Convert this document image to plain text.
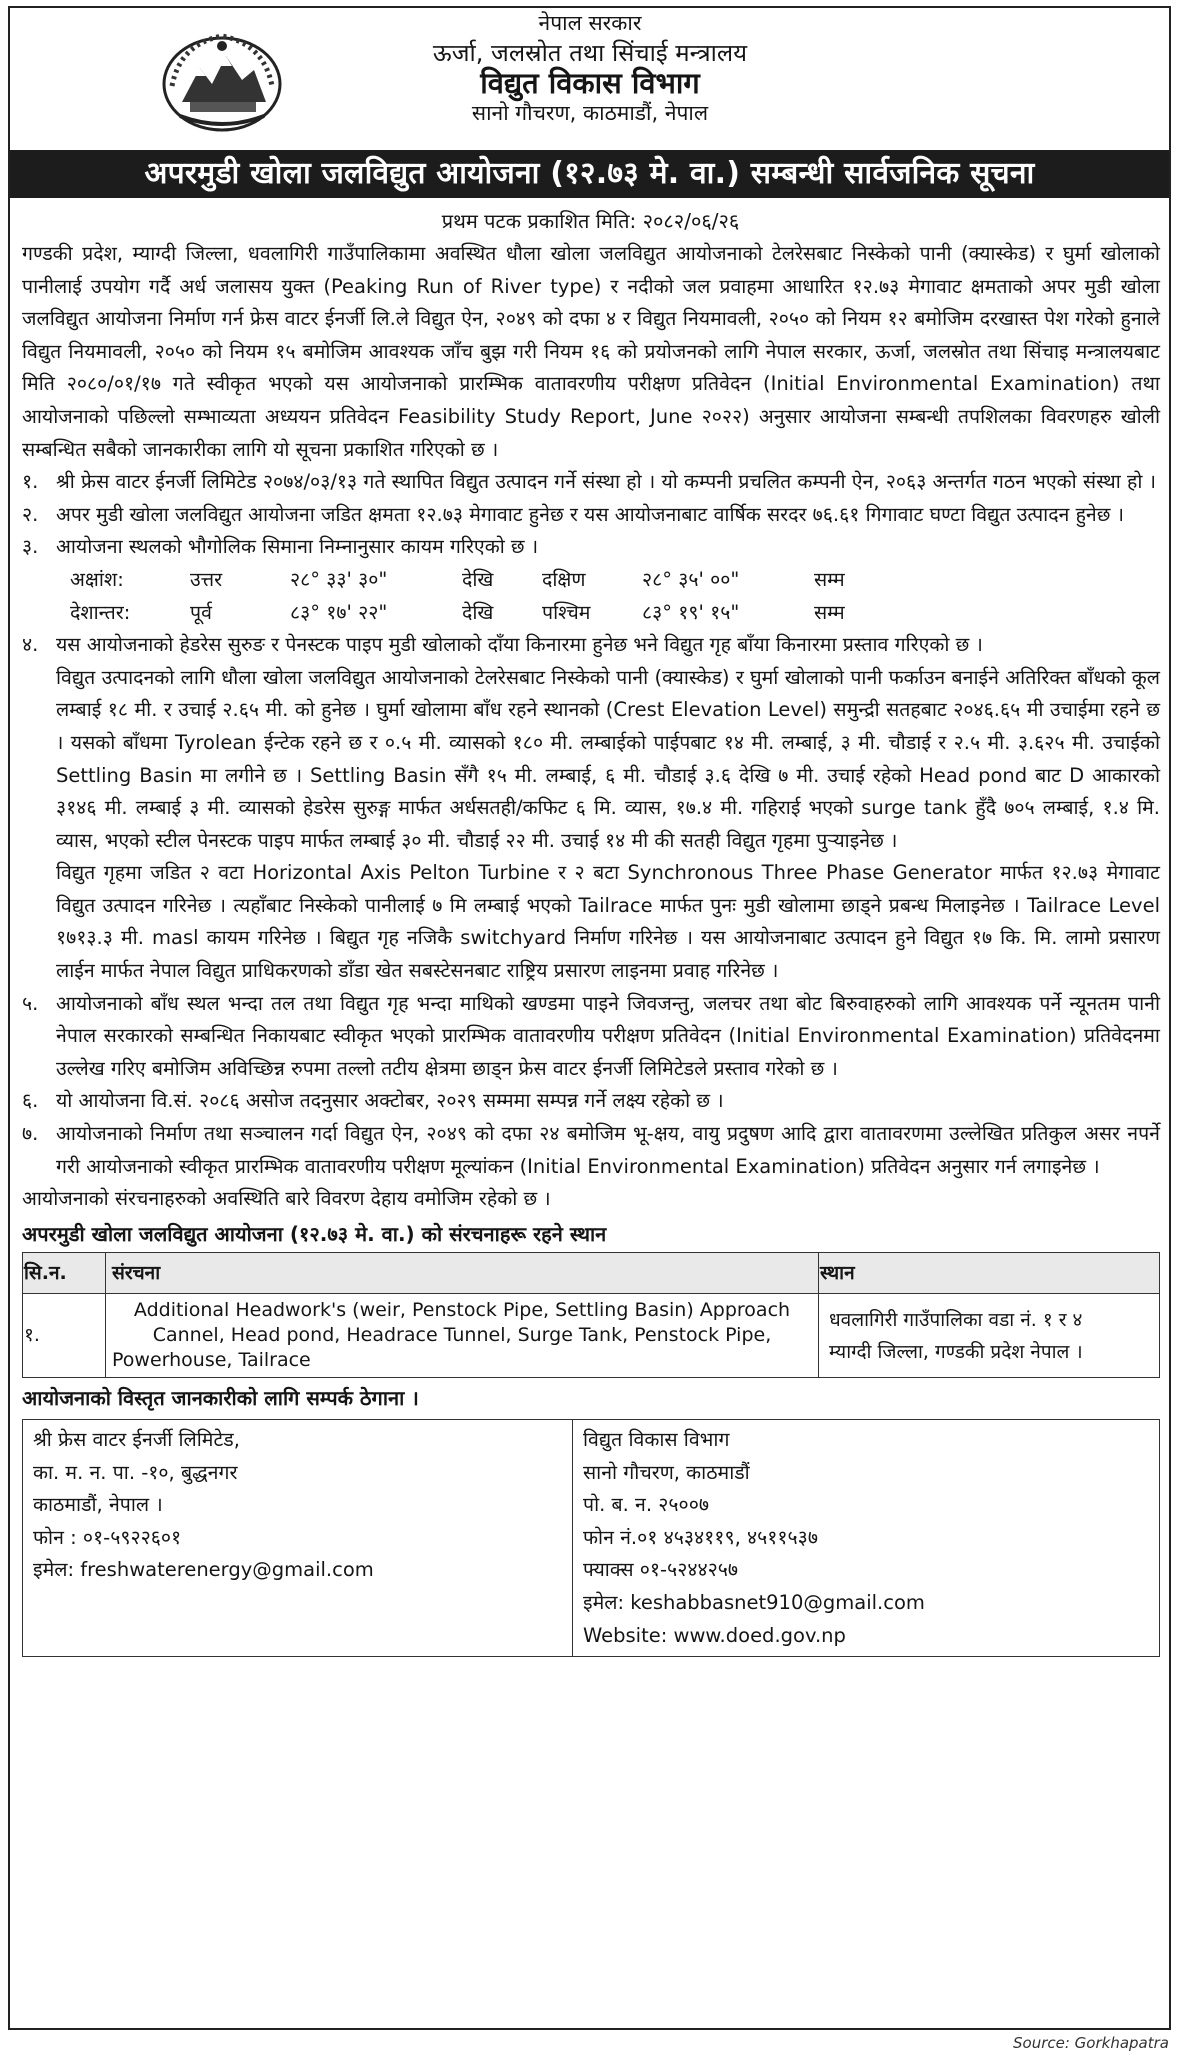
नेपाल सरकार
ऊर्जा, जलस्रोत तथा सिंचाई मन्त्रालय
विद्युत विकास विभाग
सानो गौचरण, काठमाडौं, नेपाल
अपरमुडी खोला जलविद्युत आयोजना (१२.७३ मे. वा.) सम्बन्धी सार्वजनिक सूचना
प्रथम पटक प्रकाशित मिति: २०८२/०६/२६

गण्डकी प्रदेश, म्याग्दी जिल्ला, धवलागिरी गाउँपालिकामा अवस्थित धौला खोला जलविद्युत आयोजनाको टेलरेसबाट निस्केको पानी (क्यास्केड) र घुर्मा खोलाको पानीलाई उपयोग गर्दै अर्ध जलासय युक्त (Peaking Run of River type) र नदीको जल प्रवाहमा आधारित १२.७३ मेगावाट क्षमताको अपर मुडी खोला जलविद्युत आयोजना निर्माण गर्न फ्रेस वाटर ईनर्जी लि.ले विद्युत ऐन, २०४९ को दफा ४ र विद्युत नियमावली, २०५० को नियम १२ बमोजिम दरखास्त पेश गरेको हुनाले विद्युत नियमावली, २०५० को नियम १५ बमोजिम आवश्यक जाँच बुझ गरी नियम १६ को प्रयोजनको लागि नेपाल सरकार, ऊर्जा, जलस्रोत तथा सिंचाइ मन्त्रालयबाट मिति २०८०/०१/१७ गते स्वीकृत भएको यस आयोजनाको प्रारम्भिक वातावरणीय परीक्षण प्रतिवेदन (Initial Environmental Examination) तथा आयोजनाको पछिल्लो सम्भाव्यता अध्ययन प्रतिवेदन Feasibility Study Report, June २०२२) अनुसार आयोजना सम्बन्धी तपशिलका विवरणहरु खोली सम्बन्धित सबैको जानकारीका लागि यो सूचना प्रकाशित गरिएको छ ।

१. श्री फ्रेस वाटर ईनर्जी लिमिटेड २०७४/०३/१३ गते स्थापित विद्युत उत्पादन गर्ने संस्था हो । यो कम्पनी प्रचलित कम्पनी ऐन, २०६३ अन्तर्गत गठन भएको संस्था हो ।
२. अपर मुडी खोला जलविद्युत आयोजना जडित क्षमता १२.७३ मेगावाट हुनेछ र यस आयोजनाबाट वार्षिक सरदर ७६.६१ गिगावाट घण्टा विद्युत उत्पादन हुनेछ ।
३. आयोजना स्थलको भौगोलिक सिमाना निम्नानुसार कायम गरिएको छ ।
अक्षांश:	उत्तर	२८° ३३' ३०"	देखि	दक्षिण	२८° ३५' ००"	सम्म
देशान्तर:	पूर्व	८३° १७' २२"	देखि	पश्चिम	८३° १९' १५"	सम्म
४. यस आयोजनाको हेडरेस सुरुङ र पेनस्टक पाइप मुडी खोलाको दाँया किनारमा हुनेछ भने विद्युत गृह बाँया किनारमा प्रस्ताव गरिएको छ ।

विद्युत उत्पादनको लागि धौला खोला जलविद्युत आयोजनाको टेलरेसबाट निस्केको पानी (क्यास्केड) र घुर्मा खोलाको पानी फर्काउन बनाईने अतिरिक्त बाँधको कूल लम्बाई १८ मी. र उचाई २.६५ मी. को हुनेछ । घुर्मा खोलामा बाँध रहने स्थानको (Crest Elevation Level) समुन्द्री सतहबाट २०४६.६५ मी उचाईमा रहने छ । यसको बाँधमा Tyrolean ईन्टेक रहने छ र ०.५ मी. व्यासको १८० मी. लम्बाईको पाईपबाट १४ मी. लम्बाई, ३ मी. चौडाई र २.५ मी. ३.६२५ मी. उचाईको Settling Basin मा लगीने छ । Settling Basin सँगै १५ मी. लम्बाई, ६ मी. चौडाई ३.६ देखि ७ मी. उचाई रहेको Head pond बाट D आकारको ३१४६ मी. लम्बाई ३ मी. व्यासको हेडरेस सुरुङ्ग मार्फत अर्धसतही/कफिट ६ मि. व्यास, १७.४ मी. गहिराई भएको surge tank हुँदै ७०५ लम्बाई, १.४ मि. व्यास, भएको स्टील पेनस्टक पाइप मार्फत लम्बाई ३० मी. चौडाई २२ मी. उचाई १४ मी की सतही विद्युत गृहमा पुर्‍याइनेछ ।

विद्युत गृहमा जडित २ वटा Horizontal Axis Pelton Turbine र २ बटा Synchronous Three Phase Generator मार्फत १२.७३ मेगावाट विद्युत उत्पादन गरिनेछ । त्यहाँबाट निस्केको पानीलाई ७ मि लम्बाई भएको Tailrace मार्फत पुनः मुडी खोलामा छाड्ने प्रबन्ध मिलाइनेछ । Tailrace Level १७१३.३ मी. masl कायम गरिनेछ । बिद्युत गृह नजिकै switchyard निर्माण गरिनेछ । यस आयोजनाबाट उत्पादन हुने विद्युत १७ कि. मि. लामो प्रसारण लाईन मार्फत नेपाल विद्युत प्राधिकरणको डाँडा खेत सबस्टेसनबाट राष्ट्रिय प्रसारण लाइनमा प्रवाह गरिनेछ ।

५. आयोजनाको बाँध स्थल भन्दा तल तथा विद्युत गृह भन्दा माथिको खण्डमा पाइने जिवजन्तु, जलचर तथा बोट बिरुवाहरुको लागि आवश्यक पर्ने न्यूनतम पानी नेपाल सरकारको सम्बन्धित निकायबाट स्वीकृत भएको प्रारम्भिक वातावरणीय परीक्षण प्रतिवेदन (Initial Environmental Examination) प्रतिवेदनमा उल्लेख गरिए बमोजिम अविच्छिन्न रुपमा तल्लो तटीय क्षेत्रमा छाड्न फ्रेस वाटर ईनर्जी लिमिटेडले प्रस्ताव गरेको छ ।
६. यो आयोजना वि.सं. २०८६ असोज तदनुसार अक्टोबर, २०२९ सम्ममा सम्पन्न गर्ने लक्ष्य रहेको छ ।
७. आयोजनाको निर्माण तथा सञ्चालन गर्दा विद्युत ऐन, २०४९ को दफा २४ बमोजिम भू-क्षय, वायु प्रदुषण आदि द्वारा वातावरणमा उल्लेखित प्रतिकुल असर नपर्ने गरी आयोजनाको स्वीकृत प्रारम्भिक वातावरणीय परीक्षण मूल्यांकन (Initial Environmental Examination) प्रतिवेदन अनुसार गर्न लगाइनेछ ।

आयोजनाको संरचनाहरुको अवस्थिति बारे विवरण देहाय वमोजिम रहेको छ ।

अपरमुडी खोला जलविद्युत आयोजना (१२.७३ मे. वा.) को संरचनाहरू रहने स्थान
सि.न.	संरचना	स्थान
१.	Additional Headwork's (weir, Penstock Pipe, Settling Basin) Approach Cannel, Head pond, Headrace Tunnel, Surge Tank, Penstock Pipe, Powerhouse, Tailrace	धवलागिरी गाउँपालिका वडा नं. १ र ४
म्याग्दी जिल्ला, गण्डकी प्रदेश नेपाल ।
आयोजनाको विस्तृत जानकारीको लागि सम्पर्क ठेगाना ।
श्री फ्रेस वाटर ईनर्जी लिमिटेड,
का. म. न. पा. -१०, बुद्धनगर
काठमाडौं, नेपाल ।
फोन : ०१-५९२२६०१
इमेल: freshwaterenergy@gmail.com
विद्युत विकास विभाग
सानो गौचरण, काठमाडौं
पो. ब. न. २५००७
फोन नं.०१ ४५३४११९, ४५११५३७
फ्याक्स ०१-५२४४२५७
इमेल: keshabbasnet910@gmail.com
Website: www.doed.gov.np
Source: Gorkhapatra
